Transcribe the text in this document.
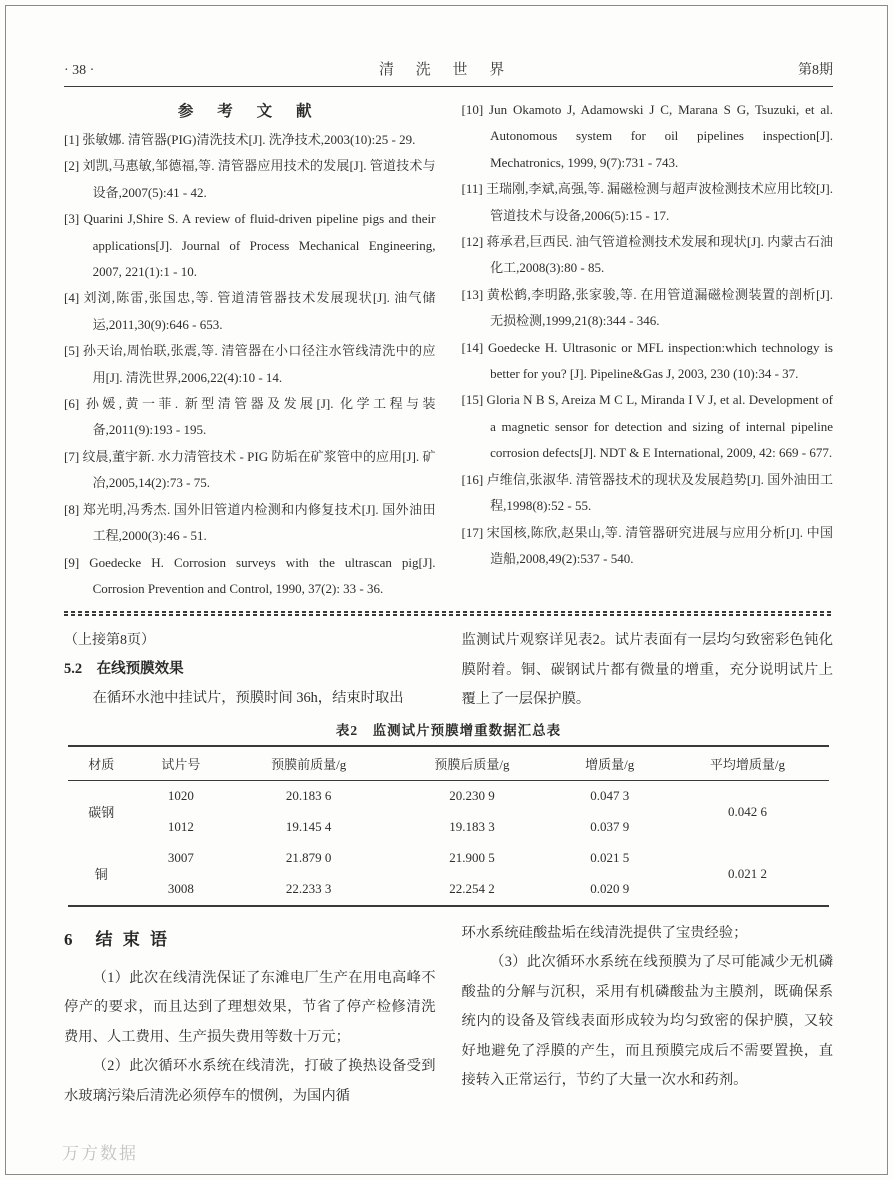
· 38 ·	清 洗 世 界	第8期
参 考 文 献

[1] 张敏娜. 清管器(PIG)清洗技术[J]. 洗净技术,2003(10):25 - 29.

[2] 刘凯,马惠敏,邹德福,等. 清管器应用技术的发展[J]. 管道技术与设备,2007(5):41 - 42.

[3] Quarini J,Shire S. A review of fluid-driven pipeline pigs and their applications[J]. Journal of Process Mechanical Engineering, 2007, 221(1):1 - 10.

[4] 刘浏,陈雷,张国忠,等. 管道清管器技术发展现状[J]. 油气储运,2011,30(9):646 - 653.

[5] 孙天诒,周怡联,张震,等. 清管器在小口径注水管线清洗中的应用[J]. 清洗世界,2006,22(4):10 - 14.

[6] 孙媛,黄一菲. 新型清管器及发展[J]. 化学工程与装备,2011(9):193 - 195.

[7] 纹晨,董宇新. 水力清管技术 - PIG 防垢在矿浆管中的应用[J]. 矿冶,2005,14(2):73 - 75.

[8] 郑光明,冯秀杰. 国外旧管道内检测和内修复技术[J]. 国外油田工程,2000(3):46 - 51.

[9] Goedecke H. Corrosion surveys with the ultrascan pig[J]. Corrosion Prevention and Control, 1990, 37(2): 33 - 36.

[10] Jun Okamoto J, Adamowski J C, Marana S G, Tsuzuki, et al. Autonomous system for oil pipelines inspection[J]. Mechatronics, 1999, 9(7):731 - 743.

[11] 王瑞刚,李斌,高强,等. 漏磁检测与超声波检测技术应用比较[J]. 管道技术与设备,2006(5):15 - 17.

[12] 蒋承君,巨西民. 油气管道检测技术发展和现状[J]. 内蒙古石油化工,2008(3):80 - 85.

[13] 黄松鹤,李明路,张家骏,等. 在用管道漏磁检测装置的剖析[J]. 无损检测,1999,21(8):344 - 346.

[14] Goedecke H. Ultrasonic or MFL inspection:which technology is better for you? [J]. Pipeline&Gas J, 2003, 230 (10):34 - 37.

[15] Gloria N B S, Areiza M C L, Miranda I V J, et al. Development of a magnetic sensor for detection and sizing of internal pipeline corrosion defects[J]. NDT & E International, 2009, 42: 669 - 677.

[16] 卢维信,张淑华. 清管器技术的现状及发展趋势[J]. 国外油田工程,1998(8):52 - 55.

[17] 宋国核,陈欣,赵果山,等. 清管器研究进展与应用分析[J]. 中国造船,2008,49(2):537 - 540.

（上接第8页）

5.2　在线预膜效果

在循环水池中挂试片，预膜时间 36h，结束时取出

监测试片观察详见表2。试片表面有一层均匀致密彩色钝化膜附着。铜、碳钢试片都有微量的增重，充分说明试片上覆上了一层保护膜。

表2　监测试片预膜增重数据汇总表
材质	试片号	预膜前质量/g	预膜后质量/g	增质量/g	平均增质量/g
碳钢	1020	20.183 6	20.230 9	0.047 3	0.042 6
	1012	19.145 4	19.183 3	0.037 9	
铜	3007	21.879 0	21.900 5	0.021 5	0.021 2
	3008	22.233 3	22.254 2	0.020 9	
6　结 束 语

（1）此次在线清洗保证了东滩电厂生产在用电高峰不停产的要求，而且达到了理想效果，节省了停产检修清洗费用、人工费用、生产损失费用等数十万元；

（2）此次循环水系统在线清洗，打破了换热设备受到水玻璃污染后清洗必须停车的惯例，为国内循

环水系统硅酸盐垢在线清洗提供了宝贵经验；

（3）此次循环水系统在线预膜为了尽可能减少无机磷酸盐的分解与沉积，采用有机磷酸盐为主膜剂，既确保系统内的设备及管线表面形成较为均匀致密的保护膜，又较好地避免了浮膜的产生，而且预膜完成后不需要置换，直接转入正常运行，节约了大量一次水和药剂。

万方数据
